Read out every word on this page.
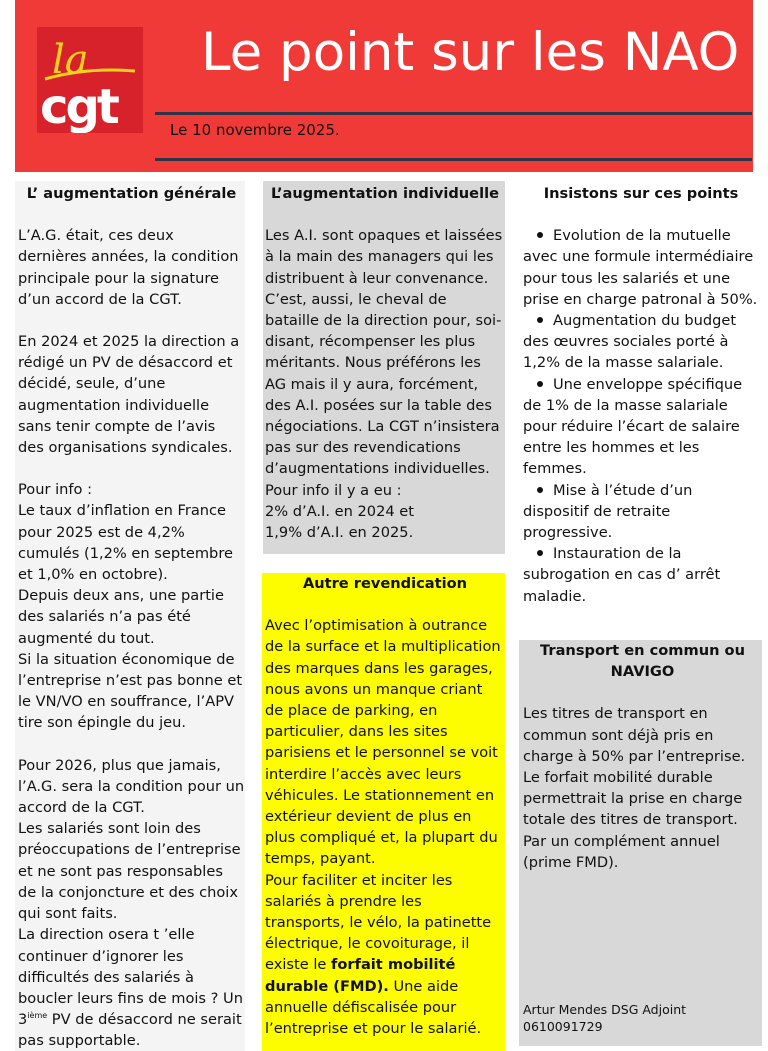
la
cgt
Le point sur les NAO
Le 10 novembre 2025.

L’ augmentation générale

L’A.G. était, ces deux dernières années, la condition principale pour la signature d’un accord de la CGT.

En 2024 et 2025 la direction a rédigé un PV de désaccord et décidé, seule, d’une augmentation individuelle sans tenir compte de l’avis des organisations syndicales.

Pour info :

Le taux d’inflation en France pour 2025 est de 4,2% cumulés (1,2% en septembre et 1,0% en octobre).

Depuis deux ans, une partie des salariés n’a pas été augmenté du tout.

Si la situation économique de l’entreprise n’est pas bonne et le VN/VO en souffrance, l’APV tire son épingle du jeu.

Pour 2026, plus que jamais, l’A.G. sera la condition pour un accord de la CGT.

Les salariés sont loin des préoccupations de l’entreprise et ne sont pas responsables de la conjoncture et des choix qui sont faits.

La direction osera t ’elle continuer d’ignorer les difficultés des salariés à boucler leurs fins de mois ? Un 3ième PV de désaccord ne serait pas supportable.

L’augmentation individuelle

Les A.I. sont opaques et laissées à la main des managers qui les distribuent à leur convenance. C’est, aussi, le cheval de bataille de la direction pour, soi-disant, récompenser les plus méritants. Nous préférons les AG mais il y aura, forcément, des A.I. posées sur la table des négociations. La CGT n’insistera pas sur des revendications d’augmentations individuelles.

Pour info il y a eu :

2% d’A.I. en 2024 et

1,9% d’A.I. en 2025.

Autre revendication

Avec l’optimisation à outrance de la surface et la multiplication des marques dans les garages, nous avons un manque criant de place de parking, en particulier, dans les sites parisiens et le personnel se voit interdire l’accès avec leurs véhicules. Le stationnement en extérieur devient de plus en plus compliqué et, la plupart du temps, payant.

Pour faciliter et inciter les salariés à prendre les transports, le vélo, la patinette électrique, le covoiturage, il existe le forfait mobilité durable (FMD). Une aide annuelle défiscalisée pour l’entreprise et pour le salarié.

Insistons sur ces points

Evolution de la mutuelle avec une formule intermédiaire pour tous les salariés et une prise en charge patronal à 50%.

Augmentation du budget des œuvres sociales porté à 1,2% de la masse salariale.

Une enveloppe spécifique de 1% de la masse salariale pour réduire l’écart de salaire entre les hommes et les femmes.

Mise à l’étude d’un dispositif de retraite progressive.

Instauration de la subrogation en cas d’ arrêt maladie.

Transport en commun ou NAVIGO

Les titres de transport en commun sont déjà pris en charge à 50% par l’entreprise. Le forfait mobilité durable permettrait la prise en charge totale des titres de transport. Par un complément annuel (prime FMD).

Artur Mendes DSG Adjoint
0610091729
